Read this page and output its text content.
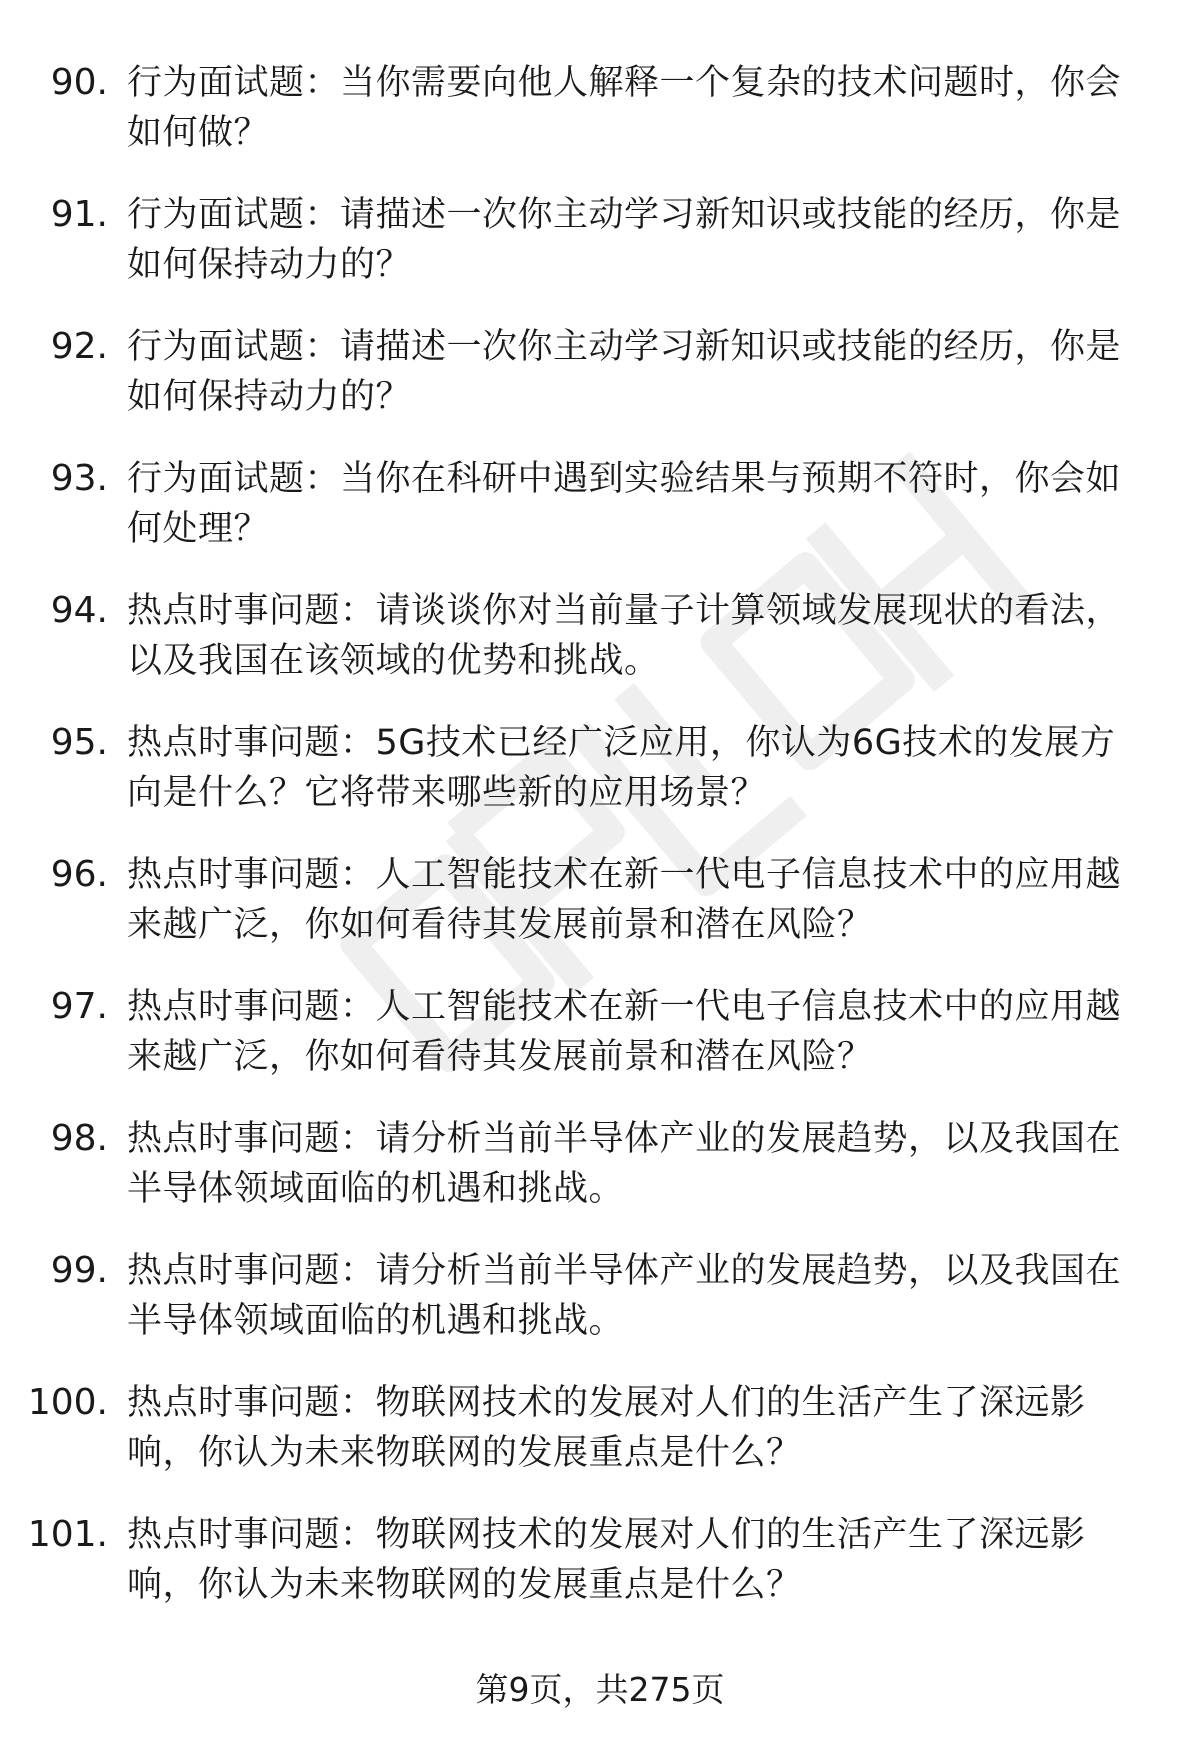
90. 行为面试题：当你需要向他人解释一个复杂的技术问题时，你会如何做？
91. 行为面试题：请描述一次你主动学习新知识或技能的经历，你是如何保持动力的？
92. 行为面试题：请描述一次你主动学习新知识或技能的经历，你是如何保持动力的？
93. 行为面试题：当你在科研中遇到实验结果与预期不符时，你会如何处理？
94. 热点时事问题：请谈谈你对当前量子计算领域发展现状的看法，以及我国在该领域的优势和挑战。
95. 热点时事问题：5G技术已经广泛应用，你认为6G技术的发展方向是什么？它将带来哪些新的应用场景？
96. 热点时事问题：人工智能技术在新一代电子信息技术中的应用越来越广泛，你如何看待其发展前景和潜在风险？
97. 热点时事问题：人工智能技术在新一代电子信息技术中的应用越来越广泛，你如何看待其发展前景和潜在风险？
98. 热点时事问题：请分析当前半导体产业的发展趋势，以及我国在半导体领域面临的机遇和挑战。
99. 热点时事问题：请分析当前半导体产业的发展趋势，以及我国在半导体领域面临的机遇和挑战。
100. 热点时事问题：物联网技术的发展对人们的生活产生了深远影响，你认为未来物联网的发展重点是什么？
101. 热点时事问题：物联网技术的发展对人们的生活产生了深远影响，你认为未来物联网的发展重点是什么？
第9页，共275页
